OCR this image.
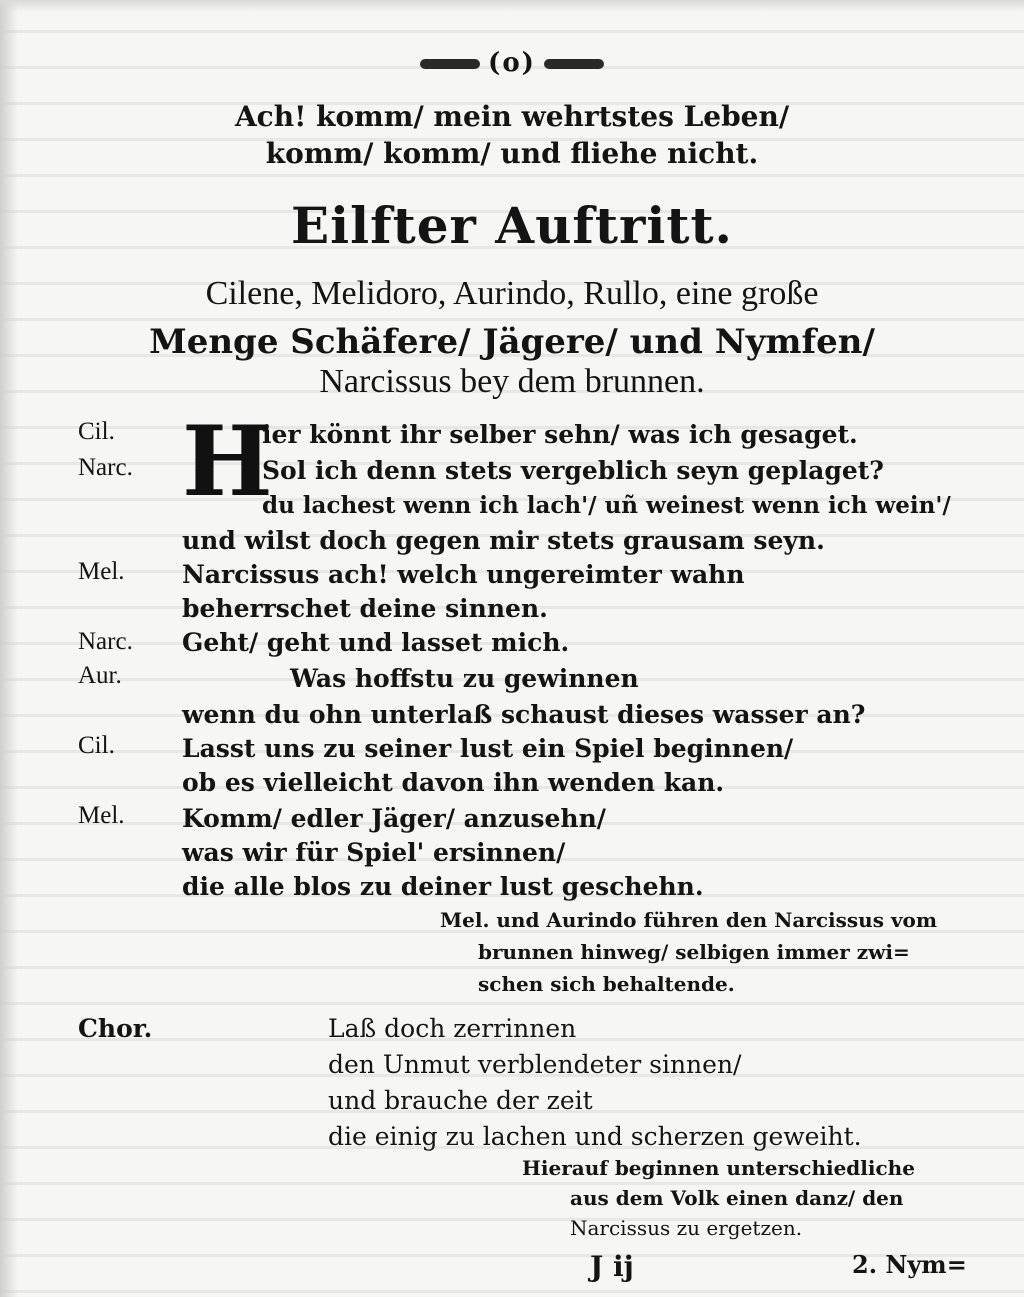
(o)
Ach! komm/ mein wehrtstes Leben/
komm/ komm/ und fliehe nicht.
Eilfter Auftritt.
Cilene, Melidoro, Aurindo, Rullo, eine große
Menge Schäfere/ Jägere/ und Nymfen/
Narcissus bey dem brunnen.
Cil.
Narc.
Mel.
Narc.
Aur.
Cil.
Mel.
H
ier könnt ihr selber sehn/ was ich gesaget.
Sol ich denn stets vergeblich seyn geplaget?
du lachest wenn ich lach'/ uñ weinest wenn ich wein'/
und wilst doch gegen mir stets grausam seyn.
Narcissus ach! welch ungereimter wahn
beherrschet deine sinnen.
Geht/ geht und lasset mich.
Was hoffstu zu gewinnen
wenn du ohn unterlaß schaust dieses wasser an?
Lasst uns zu seiner lust ein Spiel beginnen/
ob es vielleicht davon ihn wenden kan.
Komm/ edler Jäger/ anzusehn/
was wir für Spiel' ersinnen/
die alle blos zu deiner lust geschehn.
Mel. und Aurindo führen den Narcissus vom
brunnen hinweg/ selbigen immer zwi=
schen sich behaltende.
Chor.	Laß doch zerrinnen
den Unmut verblendeter sinnen/
und brauche der zeit
die einig zu lachen und scherzen geweiht.
Hierauf beginnen unterschiedliche
aus dem Volk einen danz/ den
Narcissus zu ergetzen.
J ij	2. Nym=
